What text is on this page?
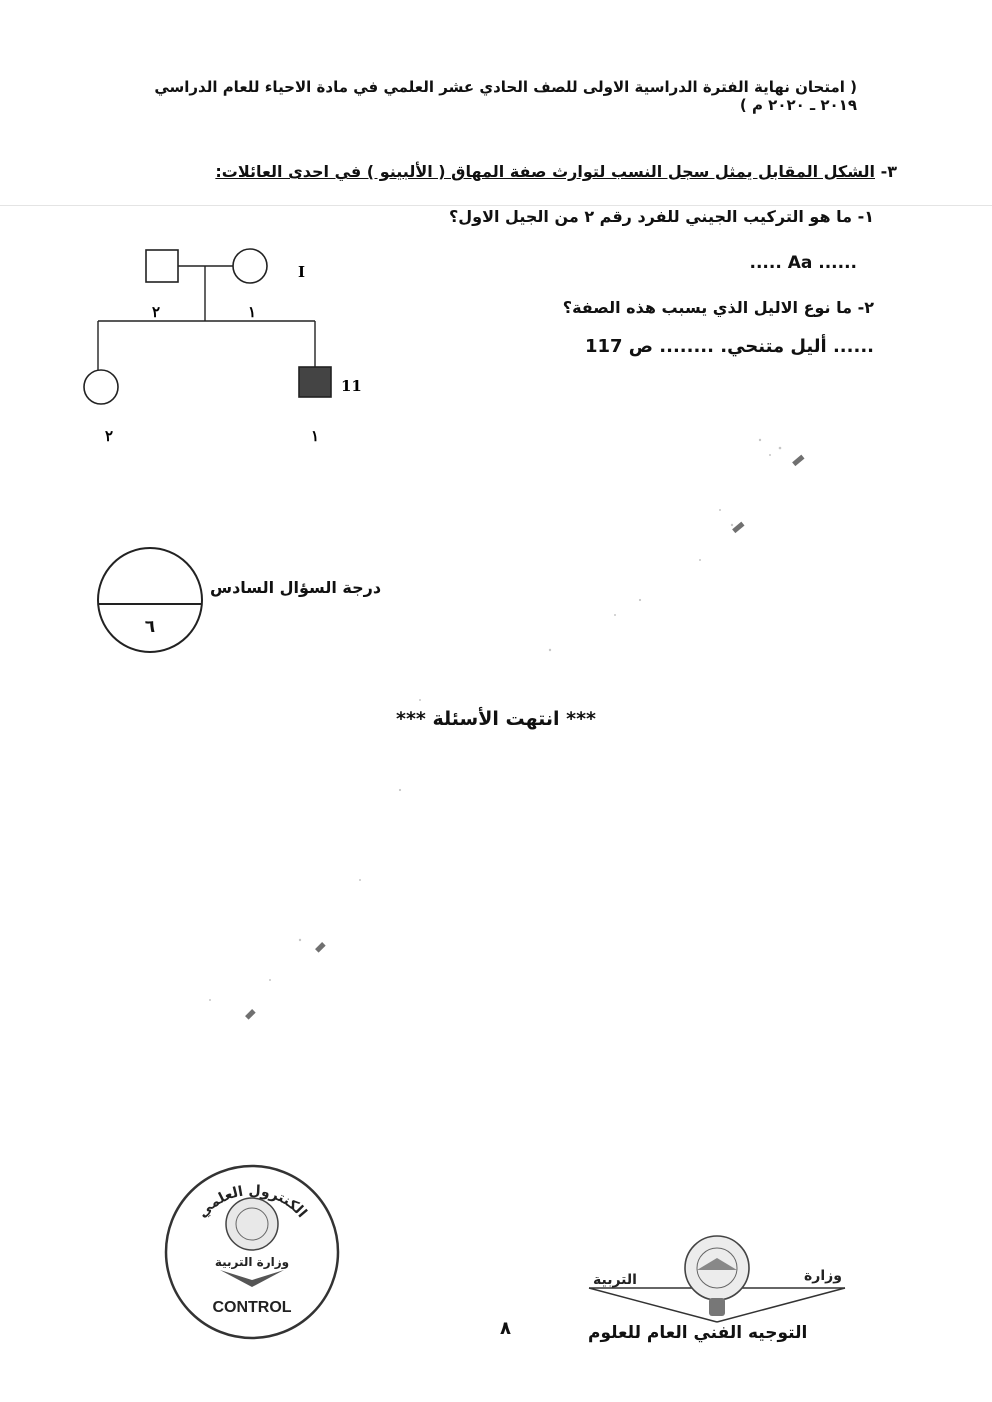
( امتحان نهاية الفترة الدراسية الاولى للصف الحادي عشر العلمي في مادة الاحياء للعام الدراسي ٢٠١٩ ـ ٢٠٢٠ م )
٣- الشكل المقابل يمثل سجل النسب لتوارث صفة المهاق ( الألبينو ) في احدى العائلات:
١- ما هو التركيب الجيني للفرد رقم ٢ من الجيل الاول؟
..... Aa ......
٢- ما نوع الاليل الذي يسبب هذه الصفة؟
...... أليل متنحي. ........ ص 117
I
11
٢	١
٢	١
٦
درجة السؤال السادس
*** انتهت الأسئلة ***
الكنترول العلمي
وزارة التربية
CONTROL
٨
التربية	وزارة
التوجيه الفني العام للعلوم
